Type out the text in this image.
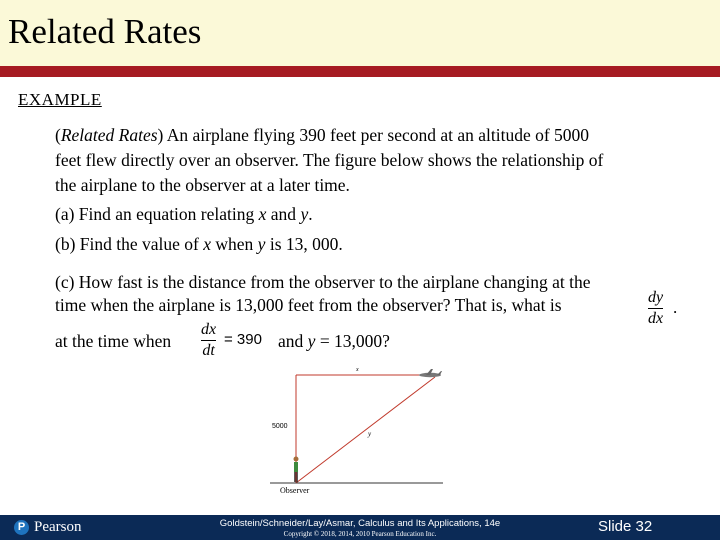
Related Rates
EXAMPLE
(Related Rates) An airplane flying 390 feet per second at an altitude of 5000
feet flew directly over an observer. The figure below shows the relationship of
the airplane to the observer at a later time.
(a) Find an equation relating x and y.
(b) Find the value of x when y is 13, 000.
(c) How fast is the distance from the observer to the airplane changing at the
time when the airplane is 13,000 feet from the observer? That is, what is	dy
dx
.
at the time when
dx
dt
= 390 and y = 13,000?
x
y
5000
Observer
P Pearson	Goldstein/Schneider/Lay/Asmar, Calculus and Its Applications, 14e
Copyright © 2018, 2014, 2010 Pearson Education Inc.	Slide 32
